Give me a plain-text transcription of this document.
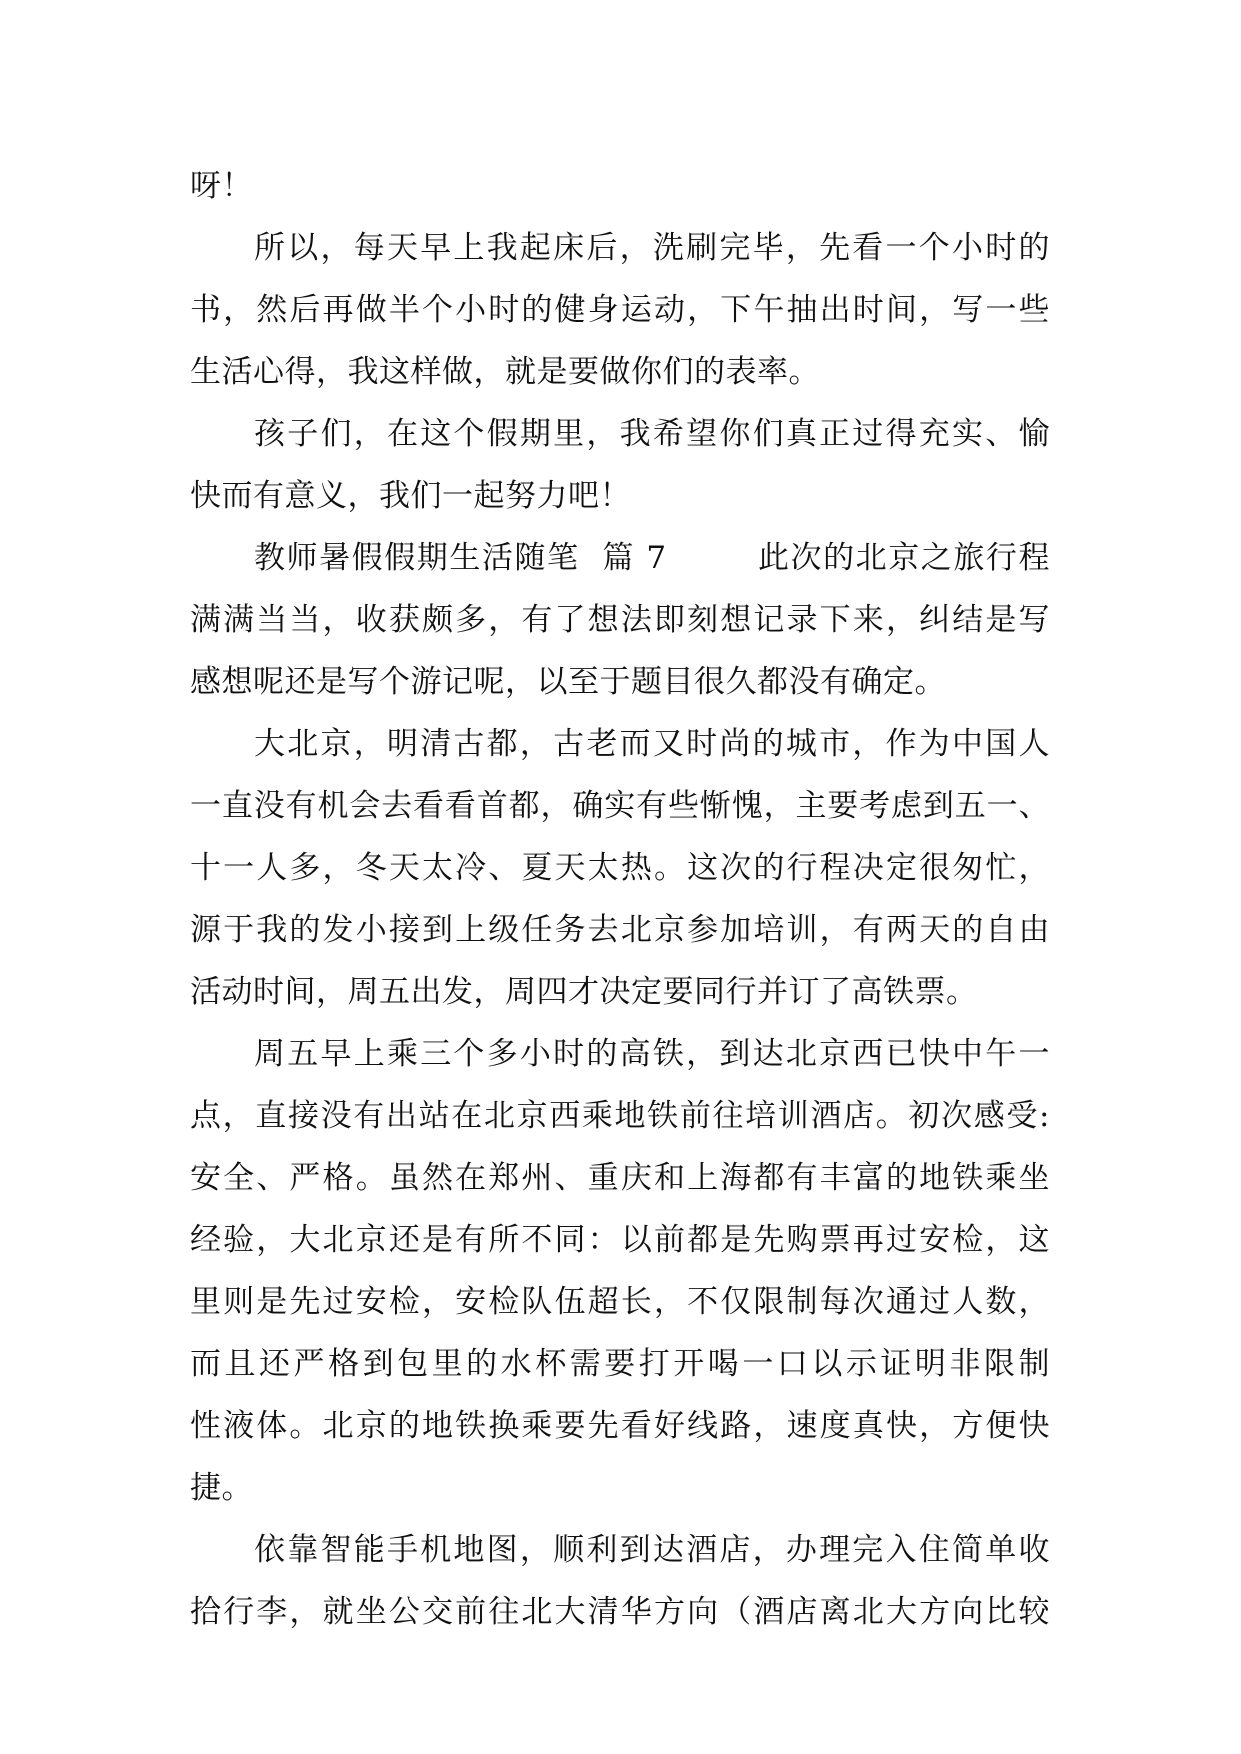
呀！
所以，每天早上我起床后，洗刷完毕，先看一个小时的
书，然后再做半个小时的健身运动，下午抽出时间，写一些
生活心得，我这样做，就是要做你们的表率。
孩子们，在这个假期里，我希望你们真正过得充实、愉
快而有意义，我们一起努力吧！
教师暑假假期生活随笔  篇 7        此次的北京之旅行程
满满当当，收获颇多，有了想法即刻想记录下来，纠结是写
感想呢还是写个游记呢，以至于题目很久都没有确定。
大北京，明清古都，古老而又时尚的城市，作为中国人
一直没有机会去看看首都，确实有些惭愧，主要考虑到五一、
十一人多，冬天太冷、夏天太热。这次的行程决定很匆忙，
源于我的发小接到上级任务去北京参加培训，有两天的自由
活动时间，周五出发，周四才决定要同行并订了高铁票。
周五早上乘三个多小时的高铁，到达北京西已快中午一
点，直接没有出站在北京西乘地铁前往培训酒店。初次感受:
安全、严格。虽然在郑州、重庆和上海都有丰富的地铁乘坐
经验，大北京还是有所不同：以前都是先购票再过安检，这
里则是先过安检，安检队伍超长，不仅限制每次通过人数，
而且还严格到包里的水杯需要打开喝一口以示证明非限制
性液体。北京的地铁换乘要先看好线路，速度真快，方便快
捷。
依靠智能手机地图，顺利到达酒店，办理完入住简单收
拾行李，就坐公交前往北大清华方向（酒店离北大方向比较
